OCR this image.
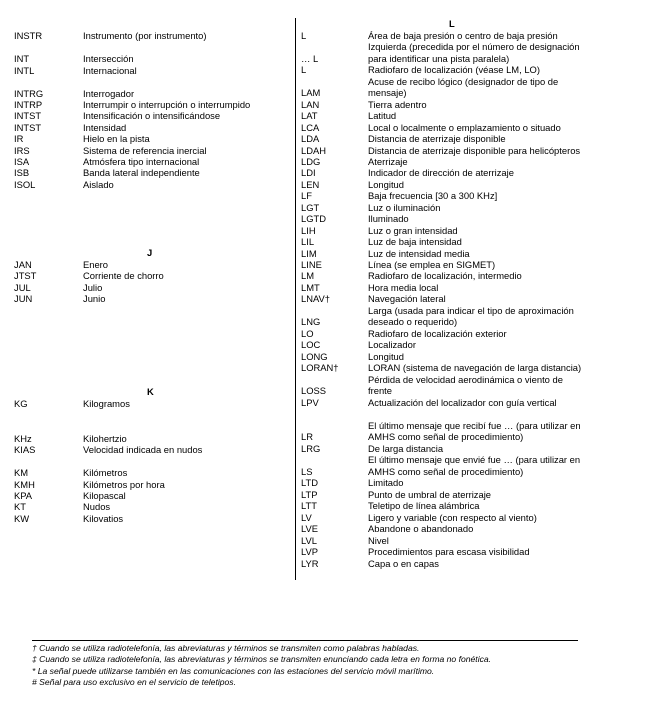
J
K
INSTR	Instrumento (por instrumento)
INT	Intersección
INTL	Internacional
INTRG	Interrogador
INTRP	Interrumpir o interrupción o interrumpido
INTST	Intensificación o intensificándose
INTST	Intensidad
IR	Hielo en la pista
IRS	Sistema de referencia inercial
ISA	Atmósfera tipo internacional
ISB	Banda lateral independiente
ISOL	Aislado
JAN	Enero
JTST	Corriente de chorro
JUL	Julio
JUN	Junio
KG	Kilogramos
KHz	Kilohertzio
KIAS	Velocidad indicada en nudos
KM	Kilómetros
KMH	Kilómetros por hora
KPA	Kilopascal
KT	Nudos
KW	Kilovatios
L
L	Área de baja presión o centro de baja presión
Izquierda (precedida por el número de designación
… L	para identificar una pista paralela)
L	Radiofaro de localización (véase LM, LO)
Acuse de recibo lógico (designador de tipo de
LAM	mensaje)
LAN	Tierra adentro
LAT	Latitud
LCA	Local o localmente o emplazamiento o situado
LDA	Distancia de aterrizaje disponible
LDAH	Distancia de aterrizaje disponible para helicópteros
LDG	Aterrizaje
LDI	Indicador de dirección de aterrizaje
LEN	Longitud
LF	Baja frecuencia [30 a 300 KHz]
LGT	Luz o iluminación
LGTD	Iluminado
LIH	Luz o gran intensidad
LIL	Luz de baja intensidad
LIM	Luz de intensidad media
LINE	Línea (se emplea en SIGMET)
LM	Radiofaro de localización, intermedio
LMT	Hora media local
LNAV†	Navegación lateral
Larga (usada para indicar el tipo de aproximación
LNG	deseado o requerido)
LO	Radiofaro de localización exterior
LOC	Localizador
LONG	Longitud
LORAN†	LORAN (sistema de navegación de larga distancia)
Pérdida de velocidad aerodinámica o viento de
LOSS	frente
LPV	Actualización del localizador con guía vertical
El último mensaje que recibí fue … (para utilizar en
LR	AMHS como señal de procedimiento)
LRG	De larga distancia
El último mensaje que envié fue … (para utilizar en
LS	AMHS como señal de procedimiento)
LTD	Limitado
LTP	Punto de umbral de aterrizaje
LTT	Teletipo de línea alámbrica
LV	Ligero y variable (con respecto al viento)
LVE	Abandone o abandonado
LVL	Nivel
LVP	Procedimientos para escasa visibilidad
LYR	Capa o en capas
† Cuando se utiliza radiotelefonía, las abreviaturas y términos se transmiten como palabras habladas.
‡ Cuando se utiliza radiotelefonía, las abreviaturas y términos se transmiten enunciando cada letra en forma no fonética.
* La señal puede utilizarse también en las comunicaciones con las estaciones del servicio móvil marítimo.
# Señal para uso exclusivo en el servicio de teletipos.
